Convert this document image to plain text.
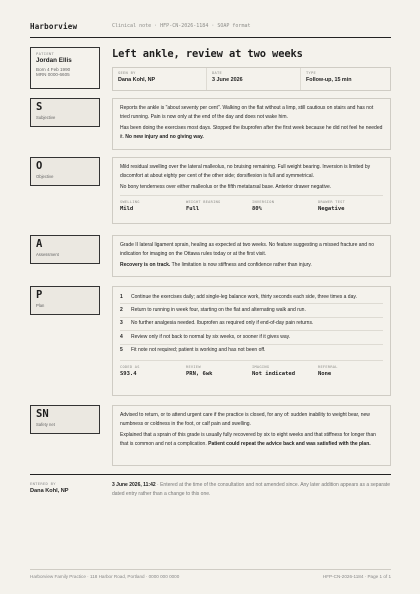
Harborview	Clinical note · HFP-CN-2026-1184 · SOAP format
PATIENT
Jordan Ellis
Born 4 Feb 1990
MRN 0000-6605
Left ankle, review at two weeks
SEEN BY
Dana Kohl, NP
DATE
3 June 2026
TYPE
Follow-up, 15 min
S
Subjective

Reports the ankle is "about seventy per cent". Walking on the flat without a limp, still cautious on stairs and has not tried running. Pain is now only at the end of the day and does not wake him.

Has been doing the exercises most days. Stopped the ibuprofen after the first week because he did not feel he needed it. No new injury and no giving way.

O
Objective

Mild residual swelling over the lateral malleolus, no bruising remaining. Full weight bearing. Inversion is limited by discomfort at about eighty per cent of the other side; dorsiflexion is full and symmetrical.

No bony tenderness over either malleolus or the fifth metatarsal base. Anterior drawer negative.

SWELLING
Mild
WEIGHT BEARING
Full
INVERSION
80%
DRAWER TEST
Negative
A
Assessment

Grade II lateral ligament sprain, healing as expected at two weeks. No feature suggesting a missed fracture and no indication for imaging on the Ottawa rules today or at the first visit.

Recovery is on track. The limitation is now stiffness and confidence rather than injury.

P
Plan
1	Continue the exercises daily; add single-leg balance work, thirty seconds each side, three times a day.
2	Return to running in week four, starting on the flat and alternating walk and run.
3	No further analgesia needed. Ibuprofen as required only if end-of-day pain returns.
4	Review only if not back to normal by six weeks, or sooner if it gives way.
5	Fit note not required; patient is working and has not been off.
CODED AS
S93.4
REVIEW
PRN, 6wk
IMAGING
Not indicated
REFERRAL
None
SN
Safety net

Advised to return, or to attend urgent care if the practice is closed, for any of: sudden inability to weight bear, new numbness or coldness in the foot, or calf pain and swelling.

Explained that a sprain of this grade is usually fully recovered by six to eight weeks and that stiffness for longer than that is common and not a complication. Patient could repeat the advice back and was satisfied with the plan.

ENTERED BY
Dana Kohl, NP
3 June 2026, 11:42 · Entered at the time of the consultation and not amended since. Any later addition appears as a separate dated entry rather than a change to this one.
Harborview Family Practice · 118 Harbor Road, Portland · 0000 000 0000	HFP-CN-2026-1184 · Page 1 of 1
